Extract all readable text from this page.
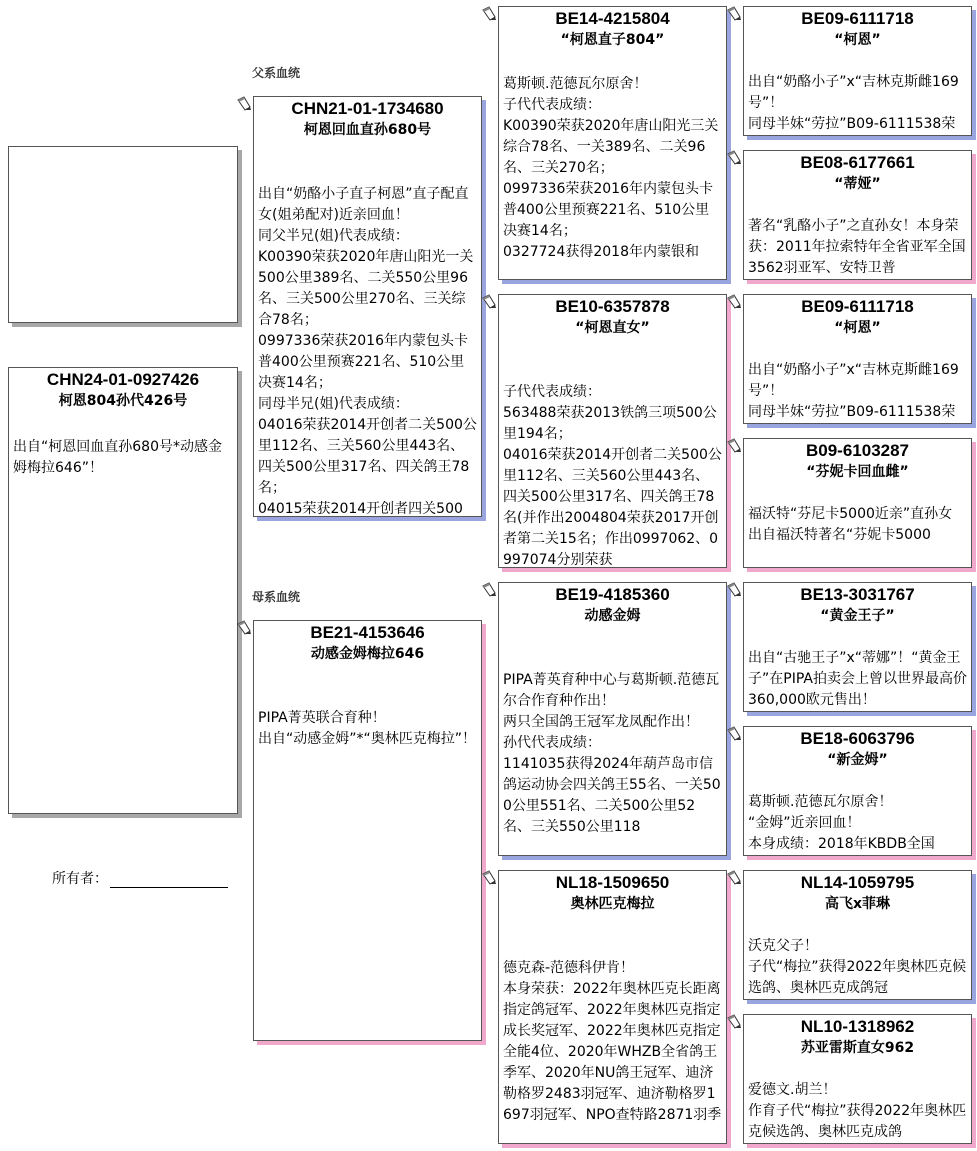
父系血统
母系血统
CHN24-01-0927426
柯恩804孙代426号
出自“柯恩回血直孙680号*动感金姆梅拉646”！
所有者：
CHN21-01-1734680
柯恩回血直孙680号
出自“奶酪小子直子柯恩”直子配直女(姐弟配对)近亲回血！
同父半兄(姐)代表成绩：
K00390荣获2020年唐山阳光一关500公里389名、二关550公里96名、三关500公里270名、三关综合78名；
0997336荣获2016年内蒙包头卡普400公里预赛221名、510公里决赛14名；
同母半兄(姐)代表成绩：
04016荣获2014开创者二关500公里112名、三关560公里443名、四关500公里317名、四关鸽王78名；
04015荣获2014开创者四关500
BE21-4153646
动感金姆梅拉646
PIPA菁英联合育种！
出自“动感金姆”*“奥林匹克梅拉”！
BE14-4215804
“柯恩直子804”
葛斯顿.范德瓦尔原舍！
子代代表成绩：
K00390荣获2020年唐山阳光三关综合78名、一关389名、二关96名、三关270名；
0997336荣获2016年内蒙包头卡普400公里预赛221名、510公里决赛14名；
0327724获得2018年内蒙银和
BE10-6357878
“柯恩直女”
子代代表成绩：
563488荣获2013铁鸽三项500公里194名；
04016荣获2014开创者二关500公里112名、三关560公里443名、四关500公里317名、四关鸽王78名(并作出2004804荣获2017开创者第二关15名；作出0997062、0997074分别荣获
BE19-4185360
动感金姆
PIPA菁英育种中心与葛斯顿.范德瓦尔合作育种作出！
两只全国鸽王冠军龙凤配作出！
孙代代表成绩：
1141035获得2024年葫芦岛市信鸽运动协会四关鸽王55名、一关500公里551名、二关500公里52名、三关550公里118
NL18-1509650
奥林匹克梅拉
德克森-范德科伊肯！
本身荣获：2022年奥林匹克长距离指定鸽冠军、2022年奥林匹克指定成长奖冠军、2022年奥林匹克指定全能4位、2020年WHZB全省鸽王季军、2020年NU鸽王冠军、迪济勒格罗2483羽冠军、迪济勒格罗1697羽冠军、NPO查特路2871羽季
BE09-6111718
“柯恩”
出自“奶酪小子”x“吉林克斯雌169号”！
同母半妹“劳拉”B09-6111538荣
BE08-6177661
“蒂娅”
著名“乳酪小子”之直孙女！本身荣获：2011年拉索特年全省亚军全国3562羽亚军、安特卫普
BE09-6111718
“柯恩”
出自“奶酪小子”x“吉林克斯雌169号”！
同母半妹“劳拉”B09-6111538荣
B09-6103287
“芬妮卡回血雌”
福沃特“芬尼卡5000近亲”直孙女
出自福沃特著名“芬妮卡5000
BE13-3031767
“黄金王子”
出自“古驰王子”x“蒂娜”！“黄金王子”在PIPA拍卖会上曾以世界最高价360,000欧元售出！
BE18-6063796
“新金姆”
葛斯顿.范德瓦尔原舍！
“金姆”近亲回血！
本身成绩：2018年KBDB全国
NL14-1059795
高飞x菲琳
沃克父子！
子代“梅拉”获得2022年奥林匹克候选鸽、奥林匹克成鸽冠
NL10-1318962
苏亚雷斯直女962
爱德文.胡兰！
作育子代“梅拉”获得2022年奥林匹克候选鸽、奥林匹克成鸽
